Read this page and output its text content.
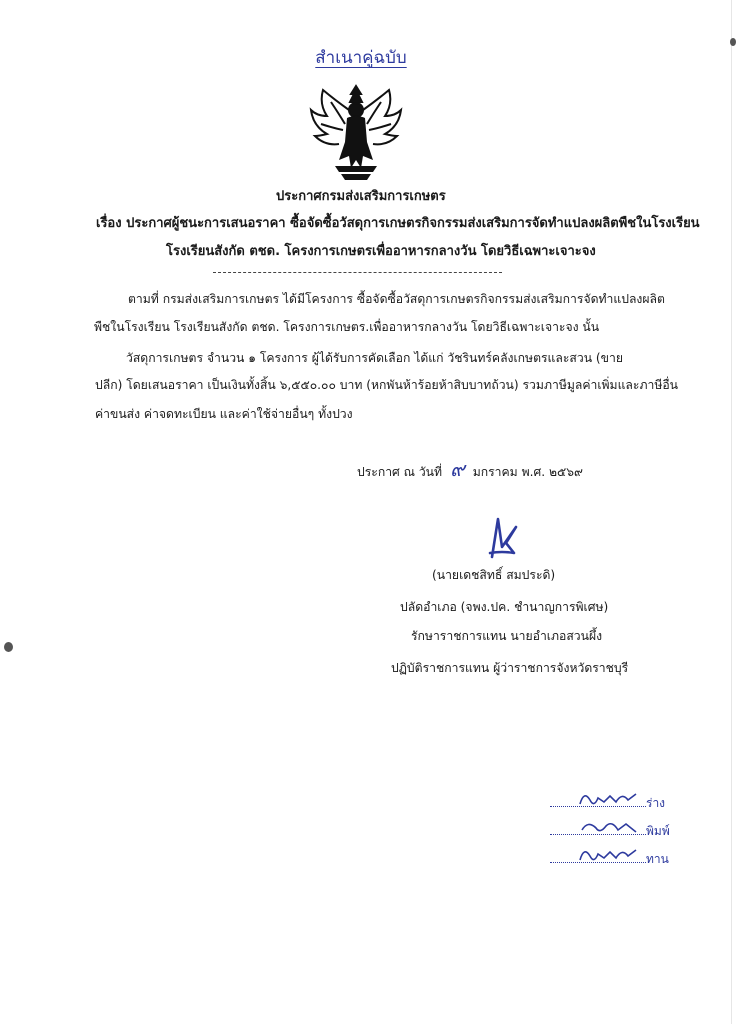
สำเนาคู่ฉบับ
ประกาศกรมส่งเสริมการเกษตร
เรื่อง ประกาศผู้ชนะการเสนอราคา ซื้อจัดซื้อวัสดุการเกษตรกิจกรรมส่งเสริมการจัดทำแปลงผลิตพืชในโรงเรียน
โรงเรียนสังกัด ตชด. โครงการเกษตรเพื่ออาหารกลางวัน โดยวิธีเฉพาะเจาะจง
ตามที่ กรมส่งเสริมการเกษตร ได้มีโครงการ ซื้อจัดซื้อวัสดุการเกษตรกิจกรรมส่งเสริมการจัดทำแปลงผลิต
พืชในโรงเรียน โรงเรียนสังกัด ตชด. โครงการเกษตร.เพื่ออาหารกลางวัน โดยวิธีเฉพาะเจาะจง นั้น
วัสดุการเกษตร จำนวน ๑ โครงการ ผู้ได้รับการคัดเลือก ได้แก่ วัชรินทร์คลังเกษตรและสวน (ขาย
ปลีก) โดยเสนอราคา เป็นเงินทั้งสิ้น ๖,๕๕๐.๐๐ บาท (หกพันห้าร้อยห้าสิบบาทถ้วน) รวมภาษีมูลค่าเพิ่มและภาษีอื่น
ค่าขนส่ง ค่าจดทะเบียน และค่าใช้จ่ายอื่นๆ ทั้งปวง
ประกาศ ณ วันที่ ๙ มกราคม พ.ศ. ๒๕๖๙
(นายเดชสิทธิ์ สมประดิ)
ปลัดอำเภอ (จพง.ปค. ชำนาญการพิเศษ)
รักษาราชการแทน นายอำเภอสวนผึ้ง
ปฏิบัติราชการแทน ผู้ว่าราชการจังหวัดราชบุรี
ร่าง
พิมพ์
ทาน
